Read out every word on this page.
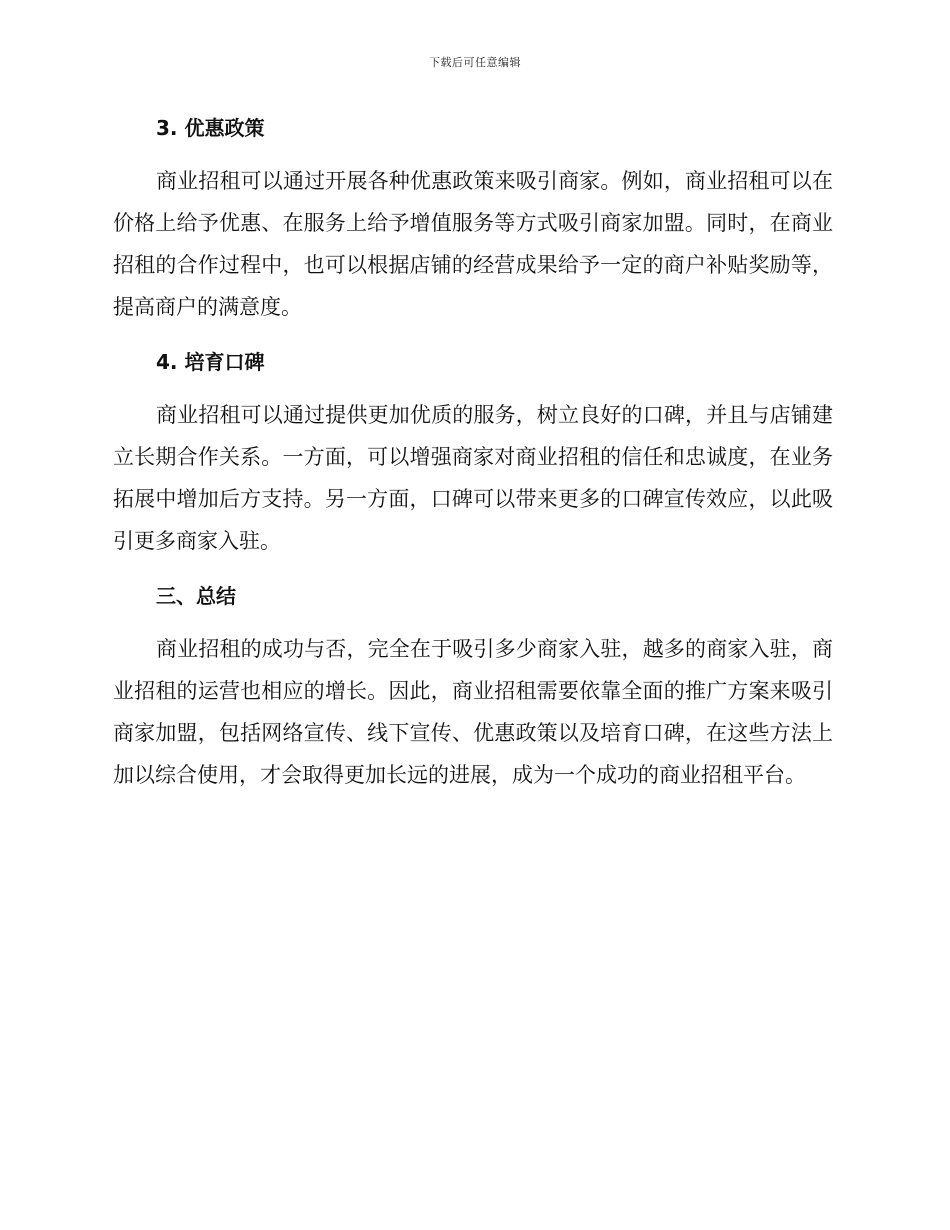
下载后可任意编辑
3. 优惠政策

商业招租可以通过开展各种优惠政策来吸引商家。例如，商业招租可以在价格上给予优惠、在服务上给予增值服务等方式吸引商家加盟。同时，在商业招租的合作过程中，也可以根据店铺的经营成果给予一定的商户补贴奖励等，提高商户的满意度。

4. 培育口碑

商业招租可以通过提供更加优质的服务，树立良好的口碑，并且与店铺建立长期合作关系。一方面，可以增强商家对商业招租的信任和忠诚度，在业务拓展中增加后方支持。另一方面，口碑可以带来更多的口碑宣传效应，以此吸引更多商家入驻。

三、总结

商业招租的成功与否，完全在于吸引多少商家入驻，越多的商家入驻，商业招租的运营也相应的增长。因此，商业招租需要依靠全面的推广方案来吸引商家加盟，包括网络宣传、线下宣传、优惠政策以及培育口碑，在这些方法上加以综合使用，才会取得更加长远的进展，成为一个成功的商业招租平台。
